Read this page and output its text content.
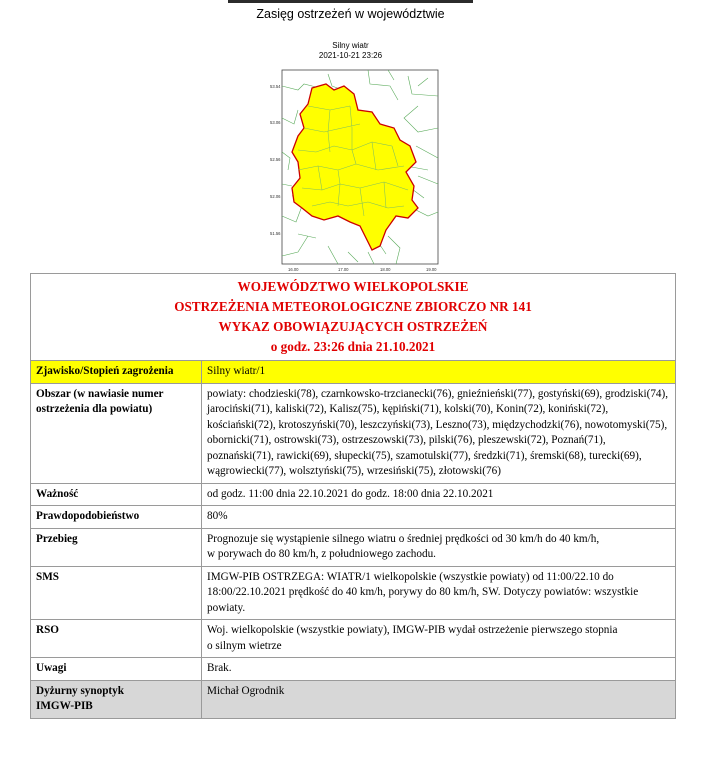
Zasięg ostrzeżeń w województwie
Silny wiatr
2021-10-21 23:26
53.54
53.06
52.56
52.06
51.56
16.00	17.00	18.00	19.00
WOJEWÓDZTWO WIELKOPOLSKIE
OSTRZEŻENIA METEOROLOGICZNE ZBIORCZO NR 141
WYKAZ OBOWIĄZUJĄCYCH OSTRZEŻEŃ
o godz. 23:26 dnia 21.10.2021	

Zjawisko/Stopień zagrożenia	Silny wiatr/1
Obszar (w nawiasie numer ostrzeżenia dla powiatu)	powiaty: chodzieski(78), czarnkowsko-trzcianecki(76), gnieźnieński(77), gostyński(69), grodziski(74), jarociński(71), kaliski(72), Kalisz(75), kępiński(71), kolski(70), Konin(72), koniński(72), kościański(72), krotoszyński(70), leszczyński(73), Leszno(73), międzychodzki(76), nowotomyski(75), obornicki(71), ostrowski(73), ostrzeszowski(73), pilski(76), pleszewski(72), Poznań(71), poznański(71), rawicki(69), słupecki(75), szamotulski(77), średzki(71), śremski(68), turecki(69), wągrowiecki(77), wolsztyński(75), wrzesiński(75), złotowski(76)
Ważność	od godz. 11:00 dnia 22.10.2021 do godz. 18:00 dnia 22.10.2021
Prawdopodobieństwo	80%
Przebieg	Prognozuje się wystąpienie silnego wiatru o średniej prędkości od 30 km/h do 40 km/h,
w porywach do 80 km/h, z południowego zachodu.

SMS	IMGW-PIB OSTRZEGA: WIATR/1 wielkopolskie (wszystkie powiaty) od 11:00/22.10 do 18:00/22.10.2021 prędkość do 40 km/h, porywy do 80 km/h, SW. Dotyczy powiatów: wszystkie powiaty.
RSO	Woj. wielkopolskie (wszystkie powiaty), IMGW-PIB wydał ostrzeżenie pierwszego stopnia
o silnym wietrze

Uwagi	Brak.

Dyżurny synoptyk
IMGW-PIB	Michał Ogrodnik
